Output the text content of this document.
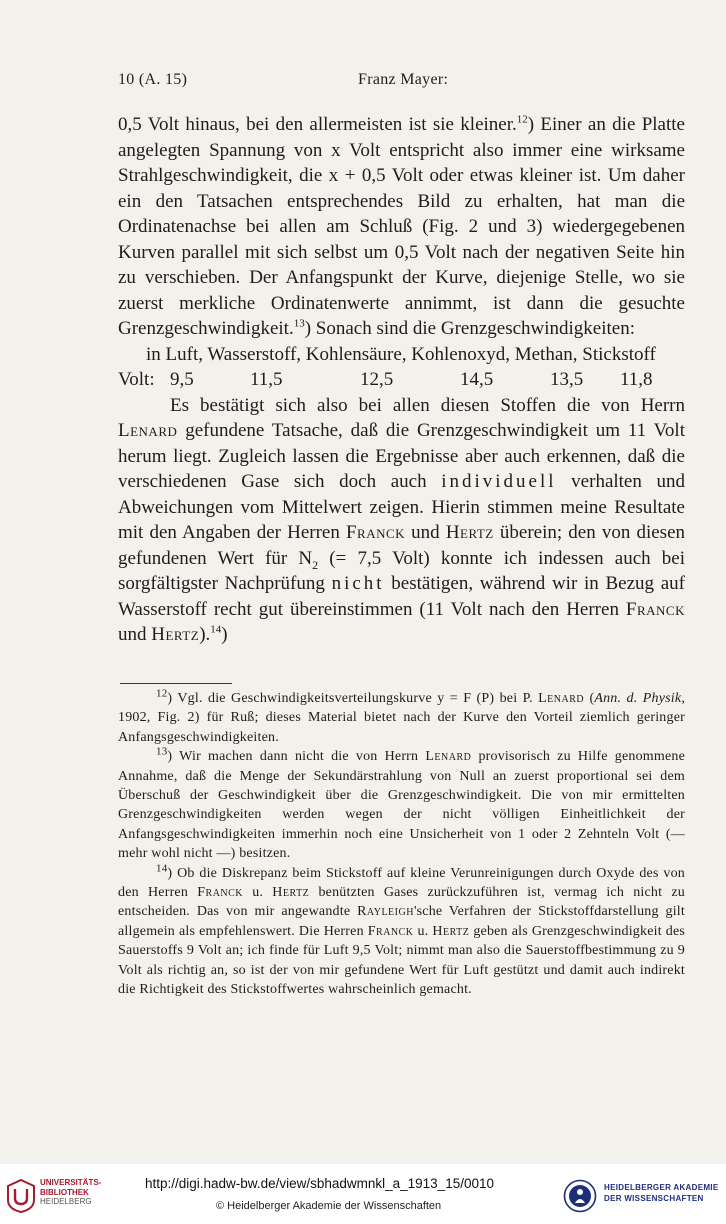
10 (A. 15)	Franz Mayer:

0,5 Volt hinaus, bei den allermeisten ist sie kleiner.$^{12}$) Einer an die Platte angelegten Spannung von x Volt entspricht also immer eine wirksame Strahlgeschwindigkeit, die x + 0,5 Volt oder etwas kleiner ist. Um daher ein den Tatsachen entsprechendes Bild zu erhalten, hat man die Ordinatenachse bei allen am Schluß (Fig. 2 und 3) wiedergegebenen Kurven parallel mit sich selbst um 0,5 Volt nach der negativen Seite hin zu verschieben. Der Anfangspunkt der Kurve, diejenige Stelle, wo sie zuerst merkliche Ordinatenwerte annimmt, ist dann die gesuchte Grenzgeschwindigkeit.$^{13}$) Sonach sind die Grenzgeschwindigkeiten:

in Luft, Wasserstoff, Kohlensäure, Kohlenoxyd, Methan, Stickstoff
Volt: 9,5	11,5	12,5	14,5	13,5	11,8

Es bestätigt sich also bei allen diesen Stoffen die von Herrn Lenard gefundene Tatsache, daß die Grenzgeschwindigkeit um 11 Volt herum liegt. Zugleich lassen die Ergebnisse aber auch erkennen, daß die verschiedenen Gase sich doch auch individuell verhalten und Abweichungen vom Mittelwert zeigen. Hierin stimmen meine Resultate mit den Angaben der Herren Franck und Hertz überein; den von diesen gefundenen Wert für $N_2$ (= 7,5 Volt) konnte ich indessen auch bei sorgfältigster Nachprüfung nicht bestätigen, während wir in Bezug auf Wasserstoff recht gut übereinstimmen (11 Volt nach den Herren Franck und Hertz).$^{14}$)

$^{12}$) Vgl. die Geschwindigkeitsverteilungskurve y = F (P) bei P. Lenard (Ann. d. Physik, 1902, Fig. 2) für Ruß; dieses Material bietet nach der Kurve den Vorteil ziemlich geringer Anfangsgeschwindigkeiten.

$^{13}$) Wir machen dann nicht die von Herrn Lenard provisorisch zu Hilfe genommene Annahme, daß die Menge der Sekundärstrahlung von Null an zuerst proportional sei dem Überschuß der Geschwindigkeit über die Grenzgeschwindigkeit. Die von mir ermittelten Grenzgeschwindigkeiten werden wegen der nicht völligen Einheitlichkeit der Anfangsgeschwindigkeiten immerhin noch eine Unsicherheit von 1 oder 2 Zehnteln Volt (— mehr wohl nicht —) besitzen.

$^{14}$) Ob die Diskrepanz beim Stickstoff auf kleine Verunreinigungen durch Oxyde des von den Herren Franck u. Hertz benützten Gases zurückzuführen ist, vermag ich nicht zu entscheiden. Das von mir angewandte Rayleigh'sche Verfahren der Stickstoffdarstellung gilt allgemein als empfehlenswert. Die Herren Franck u. Hertz geben als Grenzgeschwindigkeit des Sauerstoffs 9 Volt an; ich finde für Luft 9,5 Volt; nimmt man also die Sauerstoffbestimmung zu 9 Volt als richtig an, so ist der von mir gefundene Wert für Luft gestützt und damit auch indirekt die Richtigkeit des Stickstoffwertes wahrscheinlich gemacht.

UNIVERSITÄTS-
BIBLIOTHEK
HEIDELBERG
http://digi.hadw-bw.de/view/sbhadwmnkl_a_1913_15/0010
© Heidelberger Akademie der Wissenschaften
HEIDELBERGER AKADEMIE
DER WISSENSCHAFTEN
